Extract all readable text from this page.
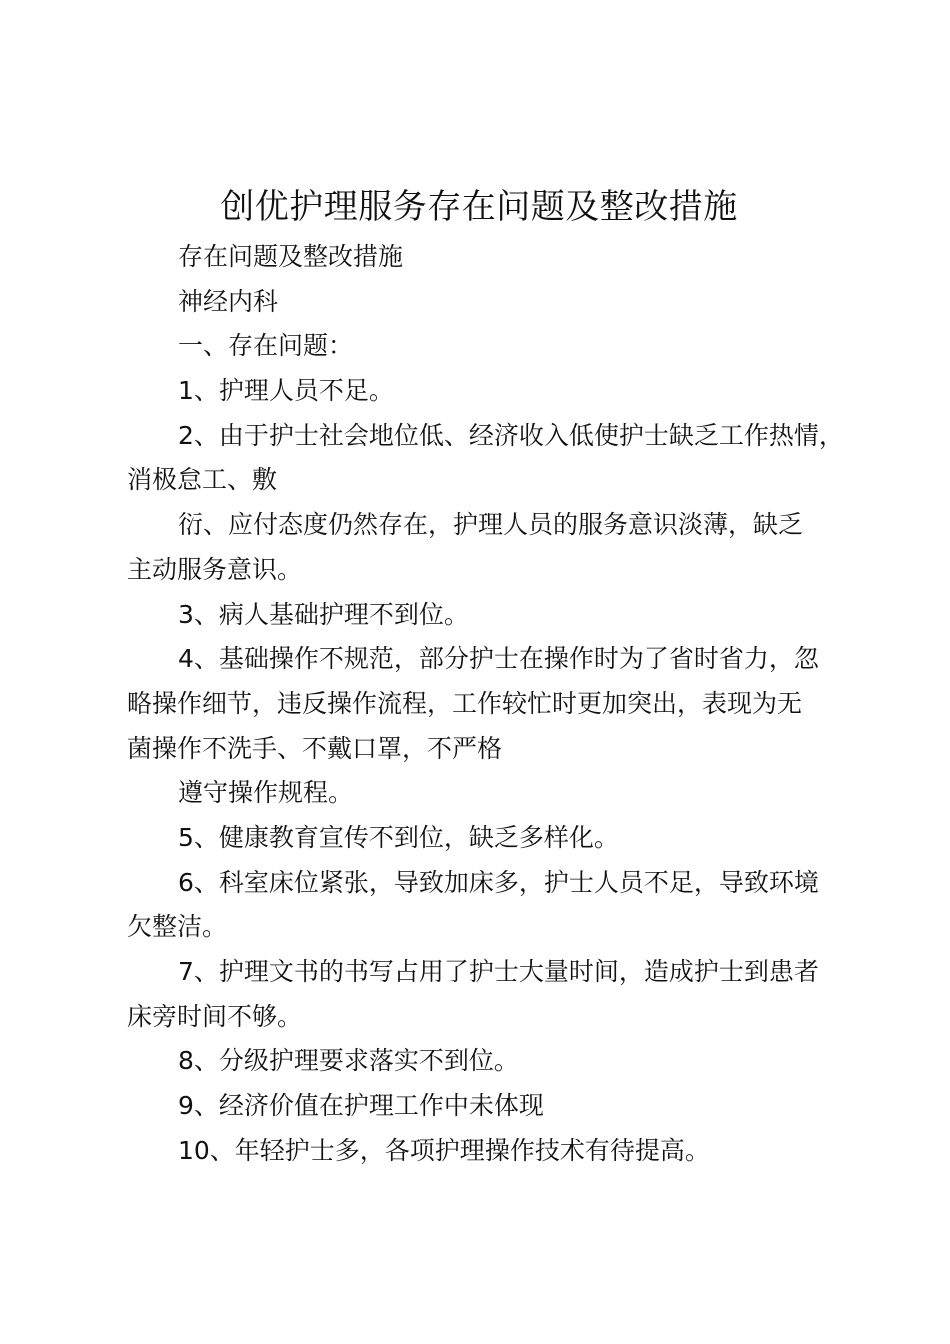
创优护理服务存在问题及整改措施
存在问题及整改措施
神经内科
一、存在问题：
1、护理人员不足。
2、由于护士社会地位低、经济收入低使护士缺乏工作热情，
消极怠工、敷
衍、应付态度仍然存在，护理人员的服务意识淡薄，缺乏
主动服务意识。
3、病人基础护理不到位。
4、基础操作不规范，部分护士在操作时为了省时省力，忽
略操作细节，违反操作流程，工作较忙时更加突出，表现为无
菌操作不洗手、不戴口罩，不严格
遵守操作规程。
5、健康教育宣传不到位，缺乏多样化。
6、科室床位紧张，导致加床多，护士人员不足，导致环境
欠整洁。
7、护理文书的书写占用了护士大量时间，造成护士到患者
床旁时间不够。
8、分级护理要求落实不到位。
9、经济价值在护理工作中未体现
10、年轻护士多，各项护理操作技术有待提高。
